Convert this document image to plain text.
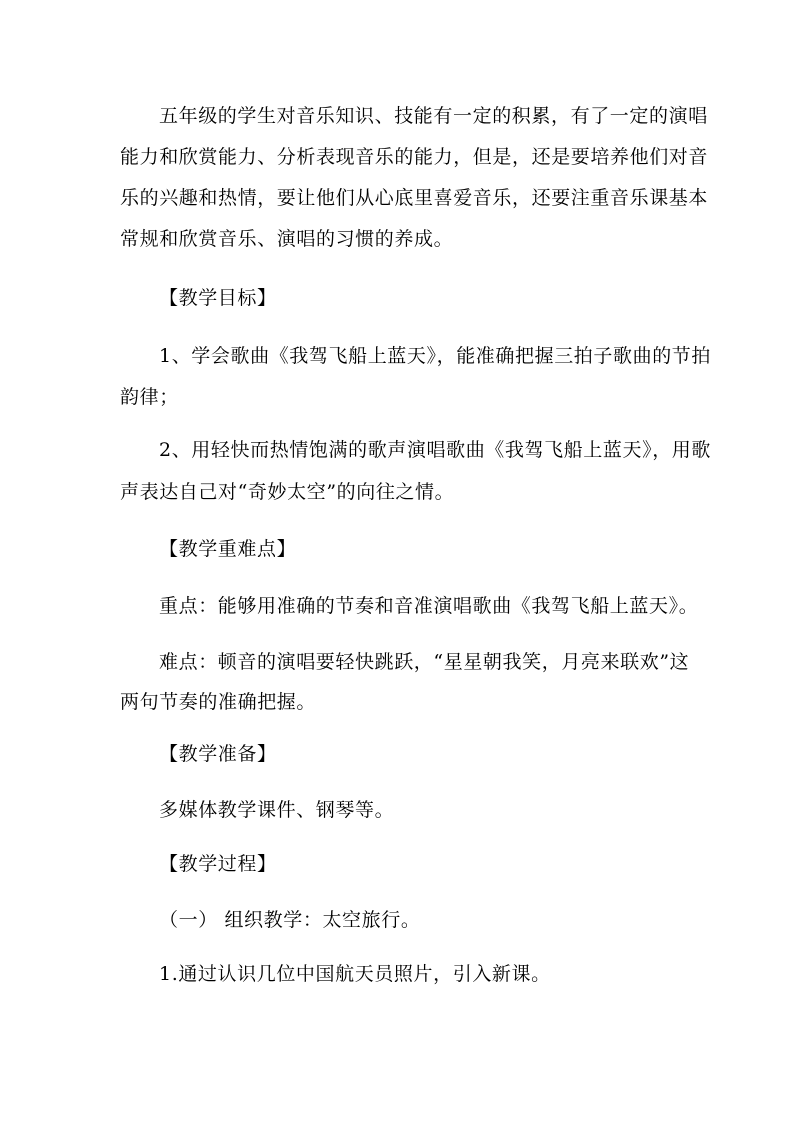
五年级的学生对音乐知识、技能有一定的积累，有了一定的演唱
能力和欣赏能力、分析表现音乐的能力，但是，还是要培养他们对音
乐的兴趣和热情，要让他们从心底里喜爱音乐，还要注重音乐课基本
常规和欣赏音乐、演唱的习惯的养成。
【教学目标】
1、学会歌曲《我驾飞船上蓝天》，能准确把握三拍子歌曲的节拍
韵律；
2、用轻快而热情饱满的歌声演唱歌曲《我驾飞船上蓝天》，用歌
声表达自己对“奇妙太空”的向往之情。
【教学重难点】
重点：能够用准确的节奏和音准演唱歌曲《我驾飞船上蓝天》。
难点：顿音的演唱要轻快跳跃，“星星朝我笑，月亮来联欢”这
两句节奏的准确把握。
【教学准备】
多媒体教学课件、钢琴等。
【教学过程】
（一） 组织教学：太空旅行。
1.通过认识几位中国航天员照片，引入新课。
